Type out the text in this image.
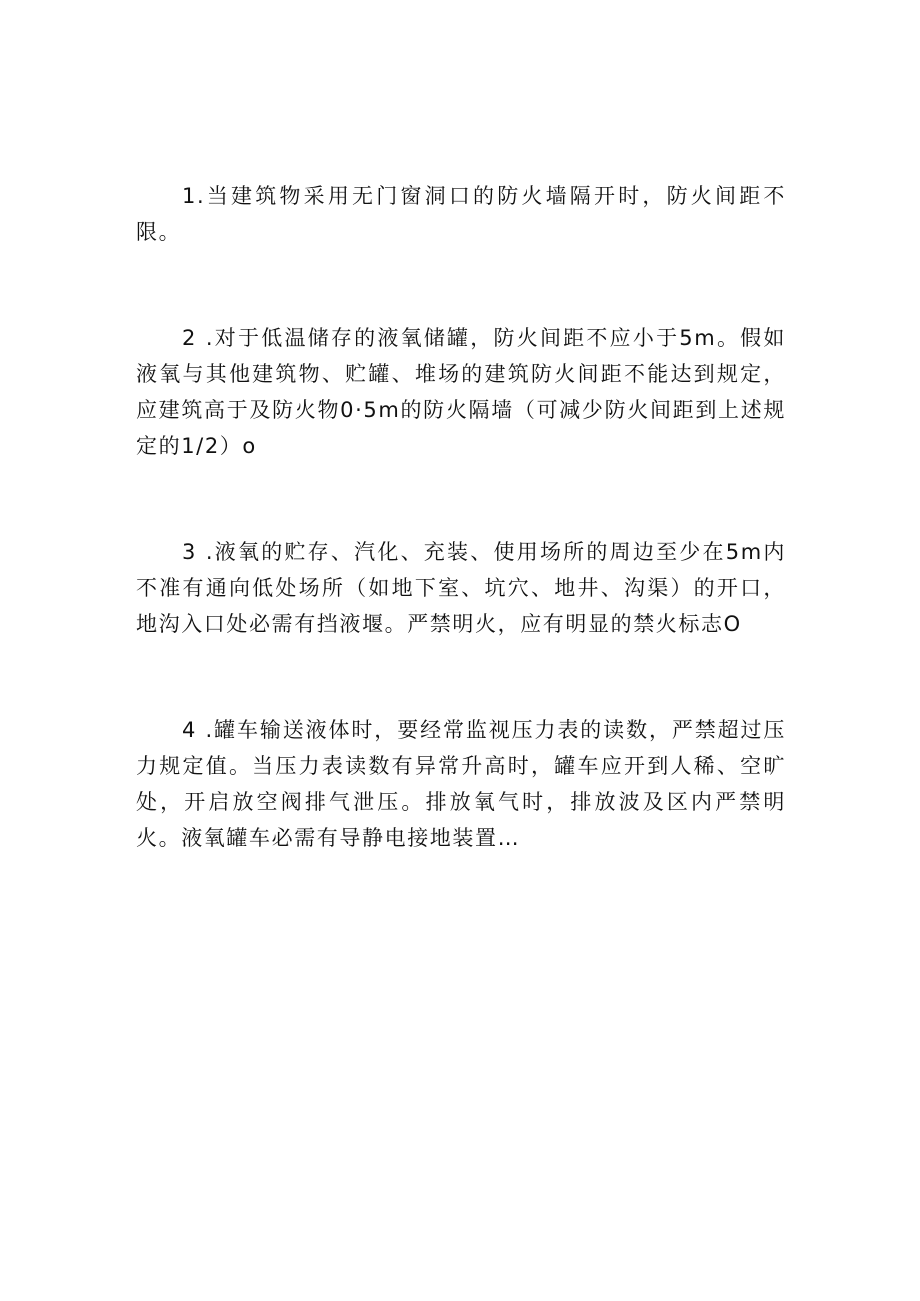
1.当建筑物采用无门窗洞口的防火墙隔开时，防火间距不限。

2 .对于低温储存的液氧储罐，防火间距不应小于5m。假如液氧与其他建筑物、贮罐、堆场的建筑防火间距不能达到规定，应建筑高于及防火物0·5m的防火隔墙（可减少防火间距到上述规定的1/2）o

3 .液氧的贮存、汽化、充装、使用场所的周边至少在5m内不准有通向低处场所（如地下室、坑穴、地井、沟渠）的开口，地沟入口处必需有挡液堰。严禁明火，应有明显的禁火标志O

4 .罐车输送液体时，要经常监视压力表的读数，严禁超过压力规定值。当压力表读数有异常升高时，罐车应开到人稀、空旷处，开启放空阀排气泄压。排放氧气时，排放波及区内严禁明火。液氧罐车必需有导静电接地装置…
